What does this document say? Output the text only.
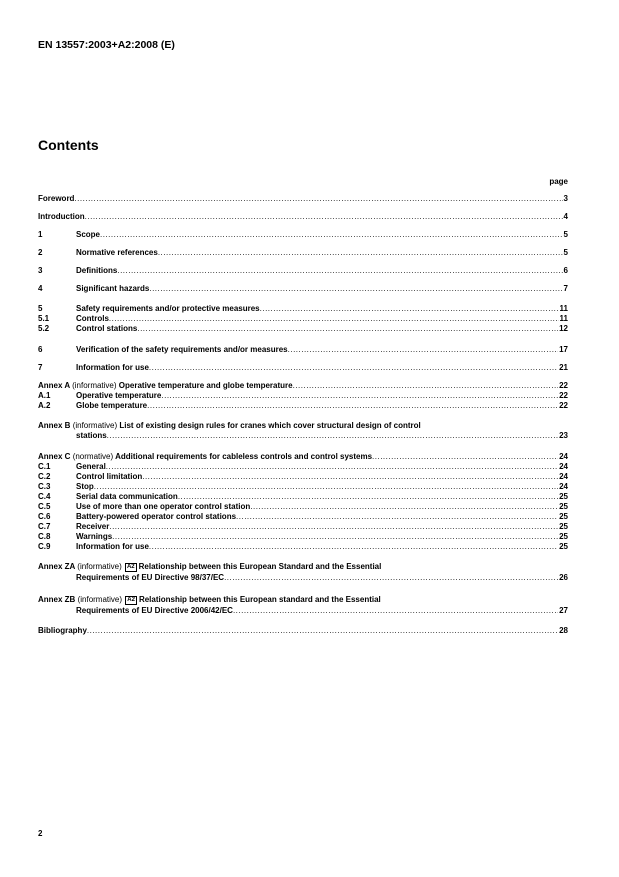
EN 13557:2003+A2:2008 (E)
Contents
page
Foreword .....	3
Introduction .....	4
1	Scope .....	5
2	Normative references .....	5
3	Definitions .....	6
4	Significant hazards .....	7
5	Safety requirements and/or protective measures .....	11
5.1	Controls .....	11
5.2	Control stations .....	12
6	Verification of the safety requirements and/or measures .....	17
7	Information for use .....	21
Annex A (informative) Operative temperature and globe temperature .....	22
A.1	Operative temperature .....	22
A.2	Globe temperature .....	22
Annex B (informative) List of existing design rules for cranes which cover structural design of control
stations .....	23
Annex C (normative) Additional requirements for cableless controls and control systems .....	24
C.1	General .....	24
C.2	Control limitation .....	24
C.3	Stop .....	24
C.4	Serial data communication .....	25
C.5	Use of more than one operator control station .....	25
C.6	Battery-powered operator control stations .....	25
C.7	Receiver .....	25
C.8	Warnings .....	25
C.9	Information for use .....	25
Annex ZA (informative) A2 Relationship between this European Standard and the Essential
Requirements of EU Directive 98/37/EC .....	26
Annex ZB (informative) A2 Relationship between this European standard and the Essential
Requirements of EU Directive 2006/42/EC .....	27
Bibliography .....	28
2
